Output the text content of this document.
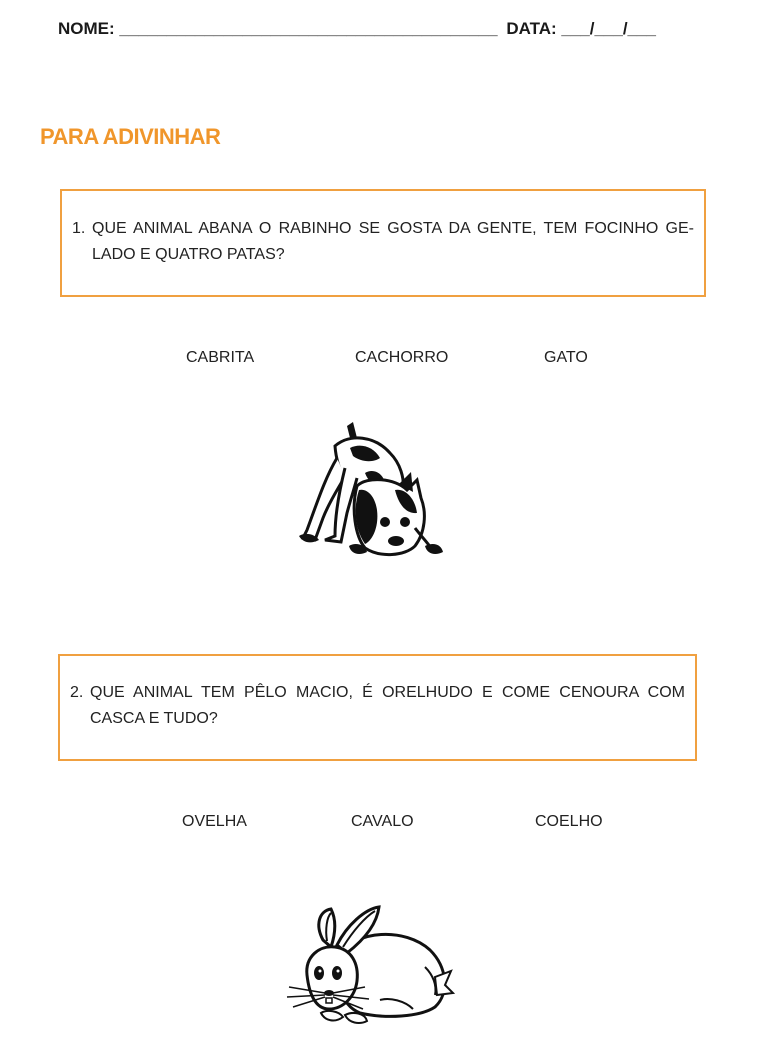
NOME: ________________________________________ DATA: ___/___/___
PARA ADIVINHAR
1. QUE ANIMAL ABANA O RABINHO SE GOSTA DA GENTE, TEM FOCINHO GE-LADO E QUATRO PATAS?
CABRITA	CACHORRO	GATO
2. QUE ANIMAL TEM PÊLO MACIO, É ORELHUDO E COME CENOURA COM CASCA E TUDO?
OVELHA	CAVALO	COELHO
